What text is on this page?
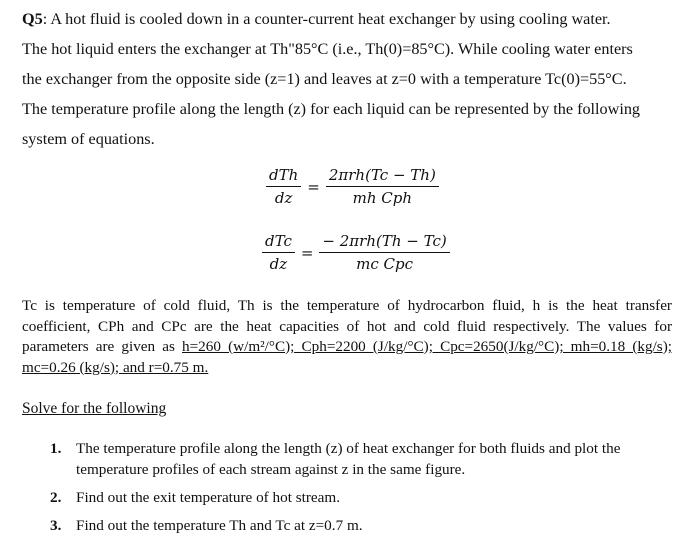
Q5: A hot fluid is cooled down in a counter-current heat exchanger by using cooling water.
The hot liquid enters the exchanger at Th"85°C (i.e., Th(0)=85°C). While cooling water enters
the exchanger from the opposite side (z=1) and leaves at z=0 with a temperature Tc(0)=55°C.
The temperature profile along the length (z) for each liquid can be represented by the following
system of equations.
$\frac{\text{dTh}}{dz} = \frac{\text{2πrh(Tc − Th)}}{\text{mh Cph}}$
$\frac{\text{dTc}}{dz} = \frac{\text{− 2πrh(Th − Tc)}}{\text{mc Cpc}}$
Tc is temperature of cold fluid, Th is the temperature of hydrocarbon fluid, h is the heat transfer coefficient, CPh and CPc are the heat capacities of hot and cold fluid respectively. The values for parameters are given as h=260 (w/m²/°C); Cph=2200 (J/kg/°C); Cpc=2650(J/kg/°C); mh=0.18 (kg/s); mc=0.26 (kg/s); and r=0.75 m.
Solve for the following
1. The temperature profile along the length (z) of heat exchanger for both fluids and plot the temperature profiles of each stream against z in the same figure.
2. Find out the exit temperature of hot stream.
3. Find out the temperature Th and Tc at z=0.7 m.
